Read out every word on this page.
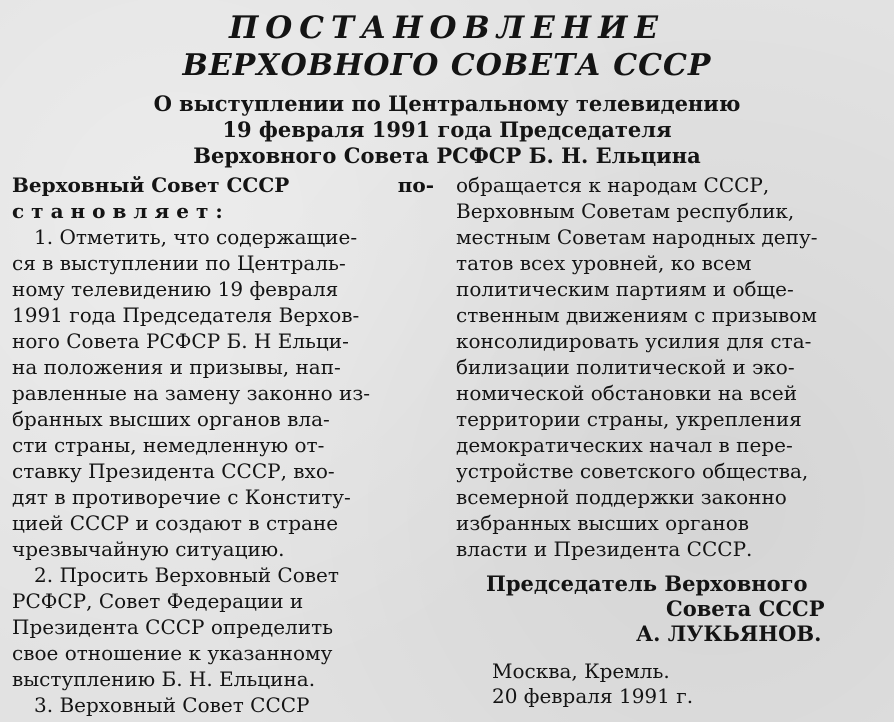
ПОСТАНОВЛЕНИЕ
ВЕРХОВНОГО СОВЕТА СССР
О выступлении по Центральному телевидению
19 февраля 1991 года Председателя
Верховного Совета РСФСР Б. Н. Ельцина
Верховный Совет СССР	по-
становляет:
1. Отметить, что содержащие-
ся в выступлении по Централь-
ному телевидению 19 февраля
1991 года Председателя Верхов-
ного Совета РСФСР Б. Н Ельци-
на положения и призывы, нап-
равленные на замену законно из-
бранных высших органов вла-
сти страны, немедленную от-
ставку Президента СССР, вхо-
дят в противоречие с Конститу-
цией СССР и создают в стране
чрезвычайную ситуацию.
2. Просить Верховный Совет
РСФСР, Совет Федерации и
Президента СССР определить
свое отношение к указанному
выступлению Б. Н. Ельцина.
3. Верховный Совет СССР
обращается к народам СССР,
Верховным Советам республик,
местным Советам народных депу-
татов всех уровней, ко всем
политическим партиям и обще-
ственным движениям с призывом
консолидировать усилия для ста-
билизации политической и эко-
номической обстановки на всей
территории страны, укрепления
демократических начал в пере-
устройстве советского общества,
всемерной поддержки законно
избранных высших органов
власти и Президента СССР.
Председатель Верховного
Совета СССР
А. ЛУКЬЯНОВ.
Москва, Кремль.
20 февраля 1991 г.
